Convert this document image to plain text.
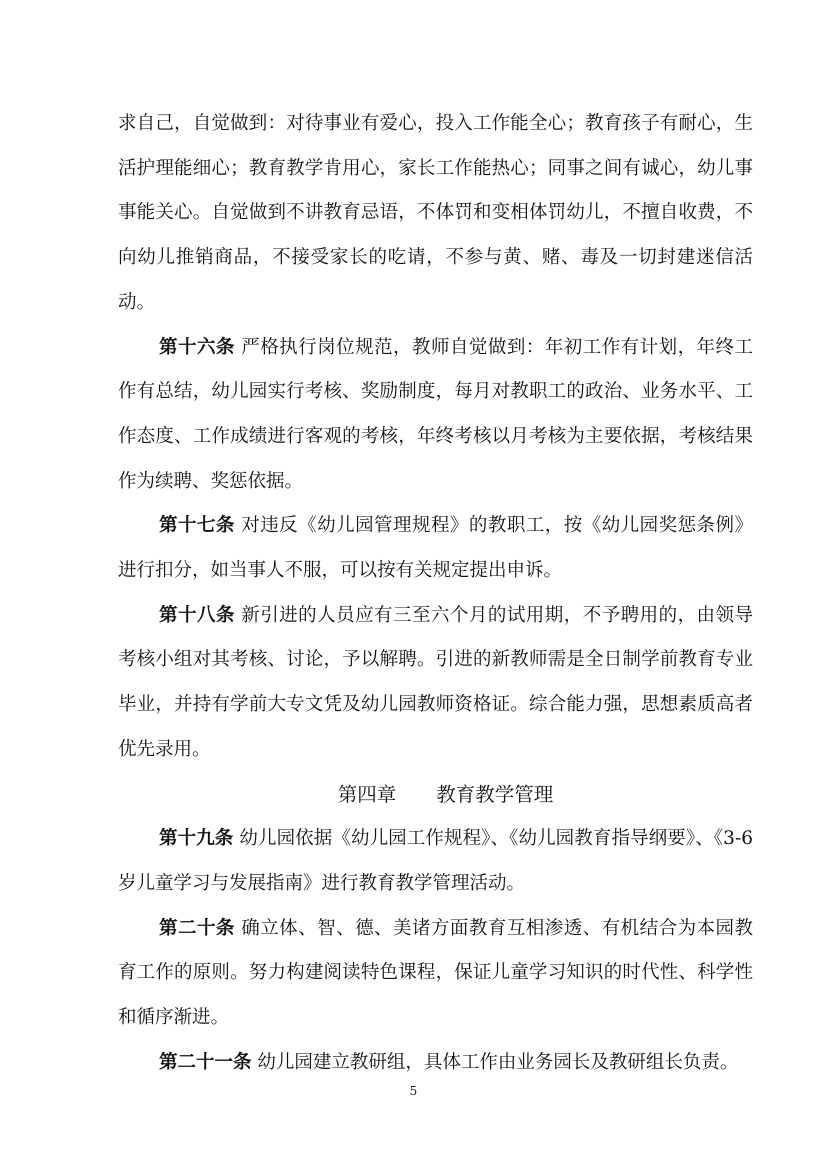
求自己，自觉做到：对待事业有爱心，投入工作能全心；教育孩子有耐心，生活护理能细心；教育教学肯用心，家长工作能热心；同事之间有诚心，幼儿事事能关心。自觉做到不讲教育忌语，不体罚和变相体罚幼儿，不擅自收费，不向幼儿推销商品，不接受家长的吃请，不参与黄、赌、毒及一切封建迷信活动。

第十六条 严格执行岗位规范，教师自觉做到：年初工作有计划，年终工作有总结，幼儿园实行考核、奖励制度，每月对教职工的政治、业务水平、工作态度、工作成绩进行客观的考核，年终考核以月考核为主要依据，考核结果作为续聘、奖惩依据。

第十七条 对违反《幼儿园管理规程》的教职工，按《幼儿园奖惩条例》进行扣分，如当事人不服，可以按有关规定提出申诉。

第十八条 新引进的人员应有三至六个月的试用期，不予聘用的，由领导考核小组对其考核、讨论，予以解聘。引进的新教师需是全日制学前教育专业毕业，并持有学前大专文凭及幼儿园教师资格证。综合能力强，思想素质高者优先录用。

第四章 教育教学管理

第十九条 幼儿园依据《幼儿园工作规程》、《幼儿园教育指导纲要》、《3-6岁儿童学习与发展指南》进行教育教学管理活动。

第二十条 确立体、智、德、美诸方面教育互相渗透、有机结合为本园教育工作的原则。努力构建阅读特色课程，保证儿童学习知识的时代性、科学性和循序渐进。

第二十一条 幼儿园建立教研组，具体工作由业务园长及教研组长负责。

5
